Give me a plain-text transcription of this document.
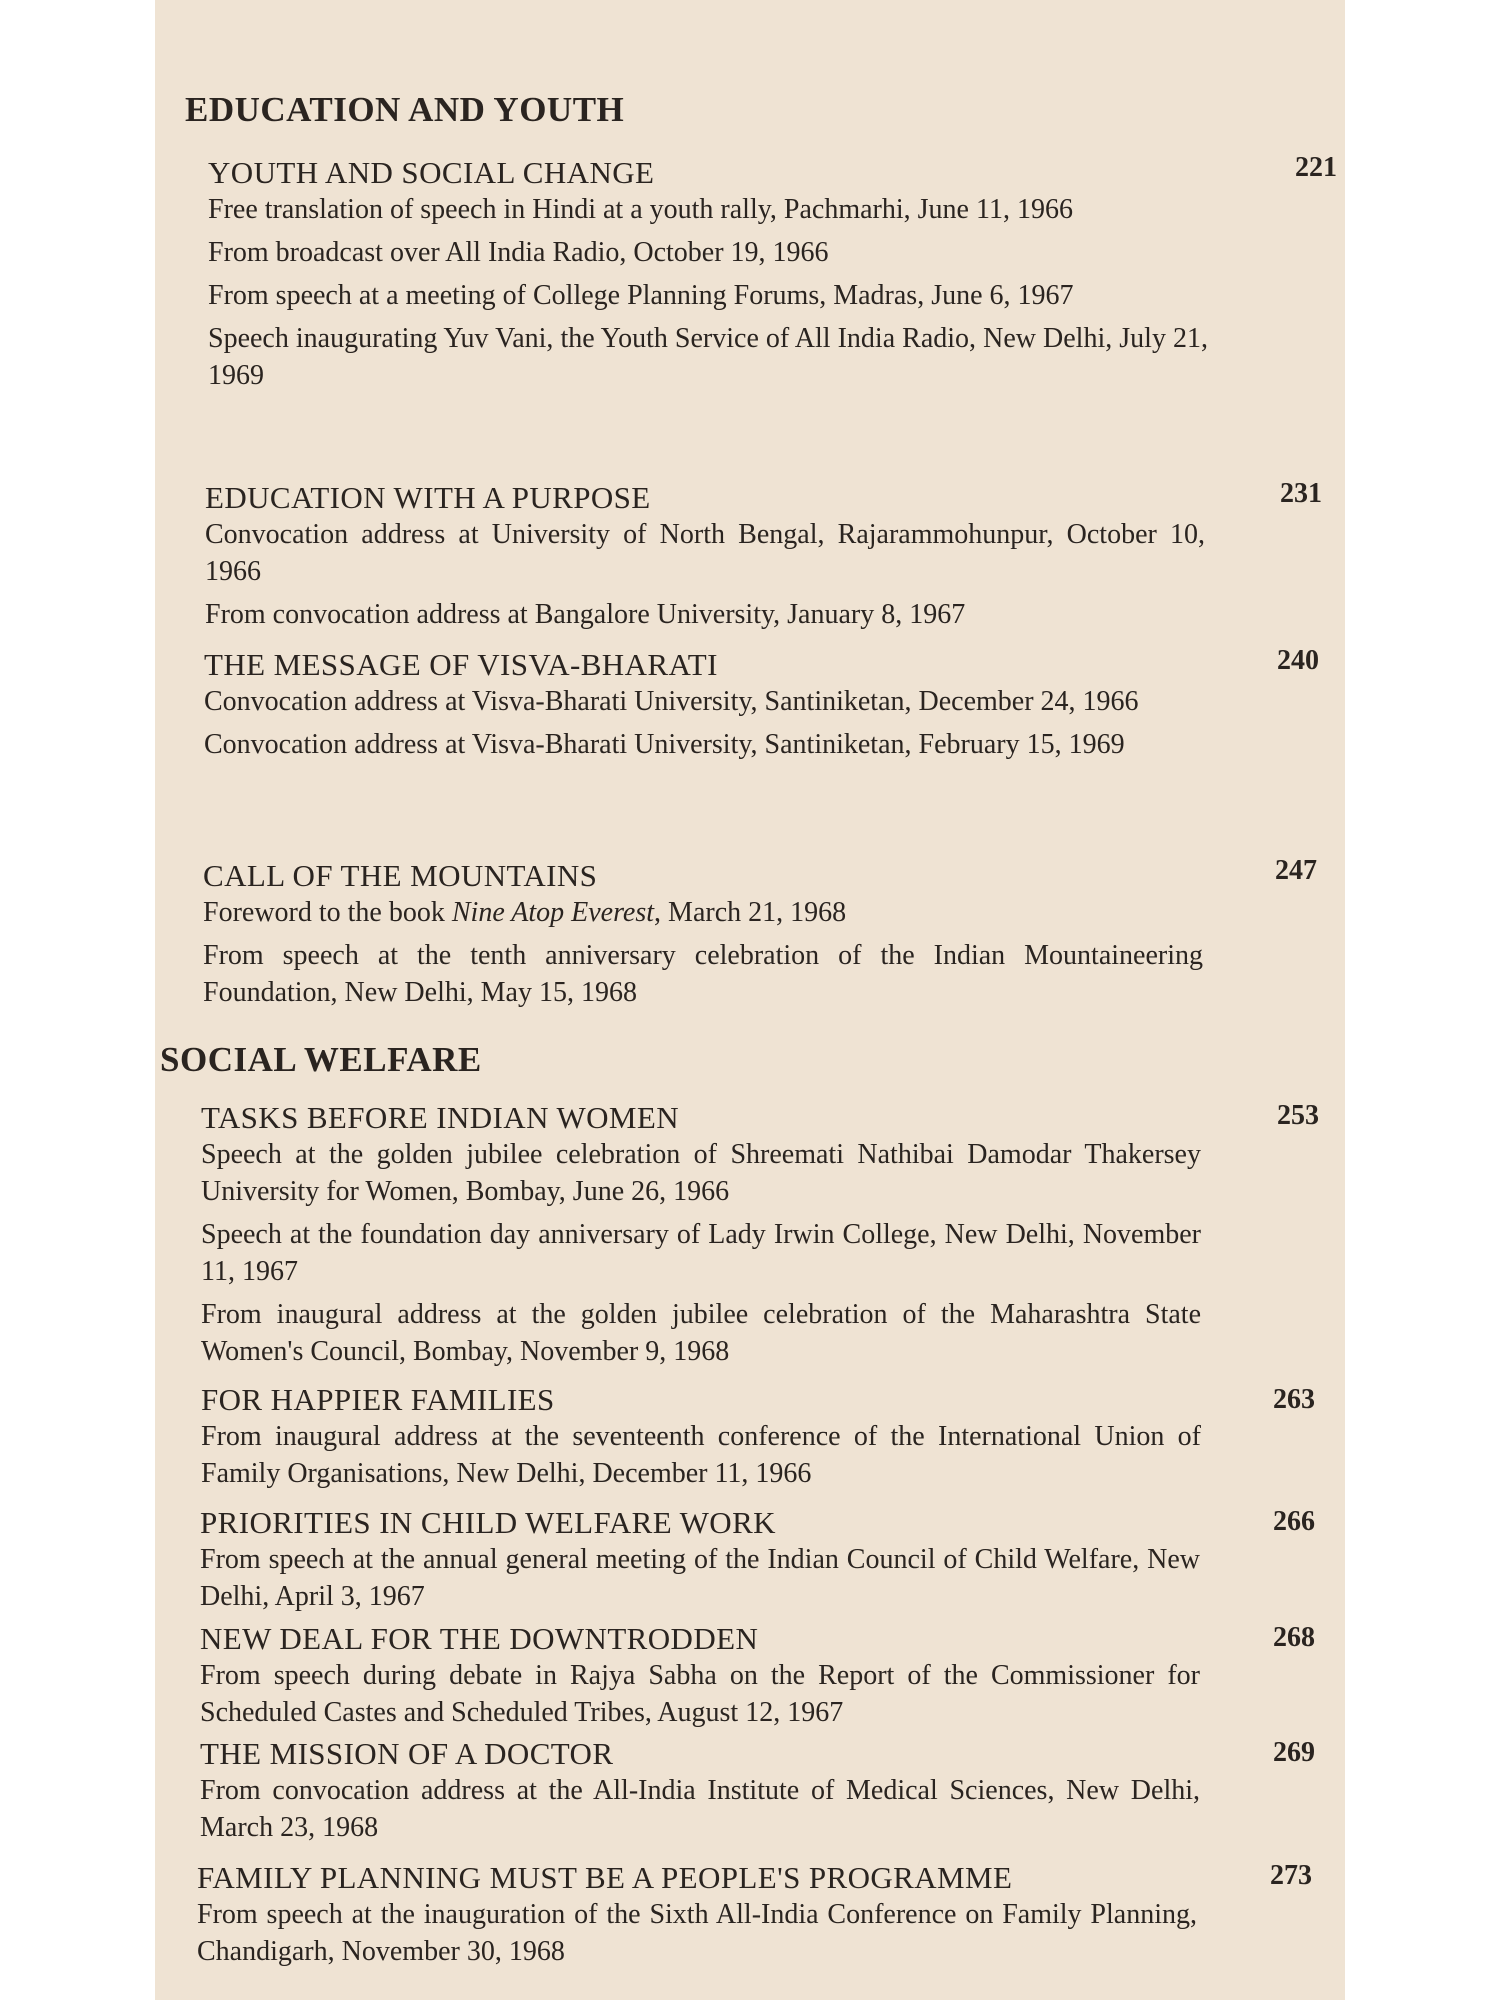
EDUCATION AND YOUTH
YOUTH AND SOCIAL CHANGE
Free translation of speech in Hindi at a youth rally, Pachmarhi, June 11, 1966
From broadcast over All India Radio, October 19, 1966
From speech at a meeting of College Planning Forums, Madras, June 6, 1967
Speech inaugurating Yuv Vani, the Youth Service of All India Radio, New Delhi, July 21, 1969
221
EDUCATION WITH A PURPOSE
Convocation address at University of North Bengal, Rajarammohunpur, October 10, 1966
From convocation address at Bangalore University, January 8, 1967
231
THE MESSAGE OF VISVA-BHARATI
Convocation address at Visva-Bharati University, Santiniketan, December 24, 1966
Convocation address at Visva-Bharati University, Santiniketan, February 15, 1969
240
CALL OF THE MOUNTAINS
Foreword to the book Nine Atop Everest, March 21, 1968
From speech at the tenth anniversary celebration of the Indian Mountaineering Foundation, New Delhi, May 15, 1968
247
SOCIAL WELFARE
TASKS BEFORE INDIAN WOMEN
Speech at the golden jubilee celebration of Shreemati Nathibai Damodar Thakersey University for Women, Bombay, June 26, 1966
Speech at the foundation day anniversary of Lady Irwin College, New Delhi, November 11, 1967
From inaugural address at the golden jubilee celebration of the Maharashtra State Women's Council, Bombay, November 9, 1968
253
FOR HAPPIER FAMILIES
From inaugural address at the seventeenth conference of the International Union of Family Organisations, New Delhi, December 11, 1966
263
PRIORITIES IN CHILD WELFARE WORK
From speech at the annual general meeting of the Indian Council of Child Welfare, New Delhi, April 3, 1967
266
NEW DEAL FOR THE DOWNTRODDEN
From speech during debate in Rajya Sabha on the Report of the Commissioner for Scheduled Castes and Scheduled Tribes, August 12, 1967
268
THE MISSION OF A DOCTOR
From convocation address at the All-India Institute of Medical Sciences, New Delhi, March 23, 1968
269
FAMILY PLANNING MUST BE A PEOPLE'S PROGRAMME
From speech at the inauguration of the Sixth All-India Conference on Family Planning, Chandigarh, November 30, 1968
273
